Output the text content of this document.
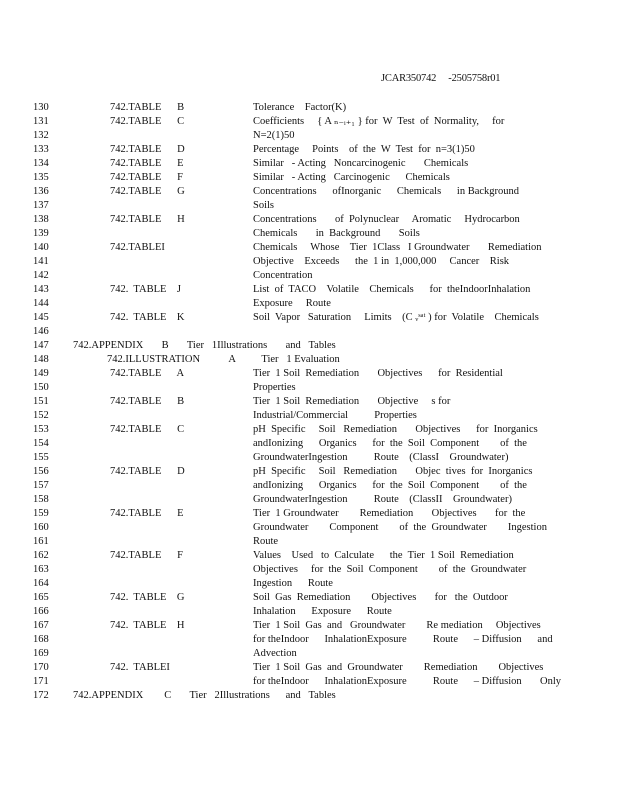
JCAR350742     -2505758r01
130	742.TABLE      B	Tolerance    Factor(K)
131	742.TABLE      C	Coefficients     { A ₙ₋ᵢ₊₁ } for  W  Test  of  Normality,     for
132	N=2(1)50
133	742.TABLE      D	Percentage     Points    of  the  W  Test  for  n=3(1)50
134	742.TABLE      E	Similar   - Acting   Noncarcinogenic       Chemicals
135	742.TABLE      F	Similar   - Acting   Carcinogenic      Chemicals
136	742.TABLE      G	Concentrations      ofInorganic      Chemicals      in Background
137	Soils
138	742.TABLE      H	Concentrations       of  Polynuclear     Aromatic     Hydrocarbon
139	Chemicals       in  Background       Soils
140	742.TABLEI	Chemicals     Whose    Tier  1Class   I Groundwater       Remediation
141	Objective    Exceeds      the  1 in  1,000,000     Cancer    Risk
142	Concentration
143	742.  TABLE    J	List  of  TACO    Volatile    Chemicals      for  theIndoorInhalation
144	Exposure     Route
145	742.  TABLE    K	Soil  Vapor   Saturation     Limits    (C ᵥˢᵃᵗ ) for  Volatile    Chemicals
146
147 742.APPENDIX       B       Tier   1Illustrations       and   Tables
148	742.ILLUSTRATION           A          Tier   1 Evaluation
149	742.TABLE      A	Tier  1 Soil  Remediation       Objectives      for  Residential
150	Properties
151	742.TABLE      B	Tier  1 Soil  Remediation       Objective     s for
152	Industrial/Commercial          Properties
153	742.TABLE      C	pH  Specific     Soil   Remediation       Objectives      for  Inorganics
154	andIonizing      Organics      for  the  Soil  Component        of  the
155	GroundwaterIngestion          Route    (ClassI    Groundwater)
156	742.TABLE      D	pH  Specific     Soil   Remediation       Objec  tives  for  Inorganics
157	andIonizing      Organics      for  the  Soil  Component        of  the
158	GroundwaterIngestion          Route    (ClassII    Groundwater)
159	742.TABLE      E	Tier  1 Groundwater        Remediation       Objectives       for  the
160	Groundwater        Component        of  the  Groundwater        Ingestion
161	Route
162	742.TABLE      F	Values    Used   to  Calculate      the  Tier  1 Soil  Remediation
163	Objectives     for  the  Soil  Component        of  the  Groundwater
164	Ingestion      Route
165	742.  TABLE    G	Soil  Gas  Remediation        Objectives       for   the  Outdoor
166	Inhalation      Exposure      Route
167	742.  TABLE    H	Tier  1 Soil  Gas  and   Groundwater        Re mediation     Objectives
168	for theIndoor      InhalationExposure          Route      – Diffusion      and
169	Advection
170	742.  TABLEI	Tier  1 Soil  Gas  and  Groundwater        Remediation        Objectives
171	for theIndoor      InhalationExposure          Route      – Diffusion       Only
172 742.APPENDIX        C       Tier   2Illustrations      and   Tables
